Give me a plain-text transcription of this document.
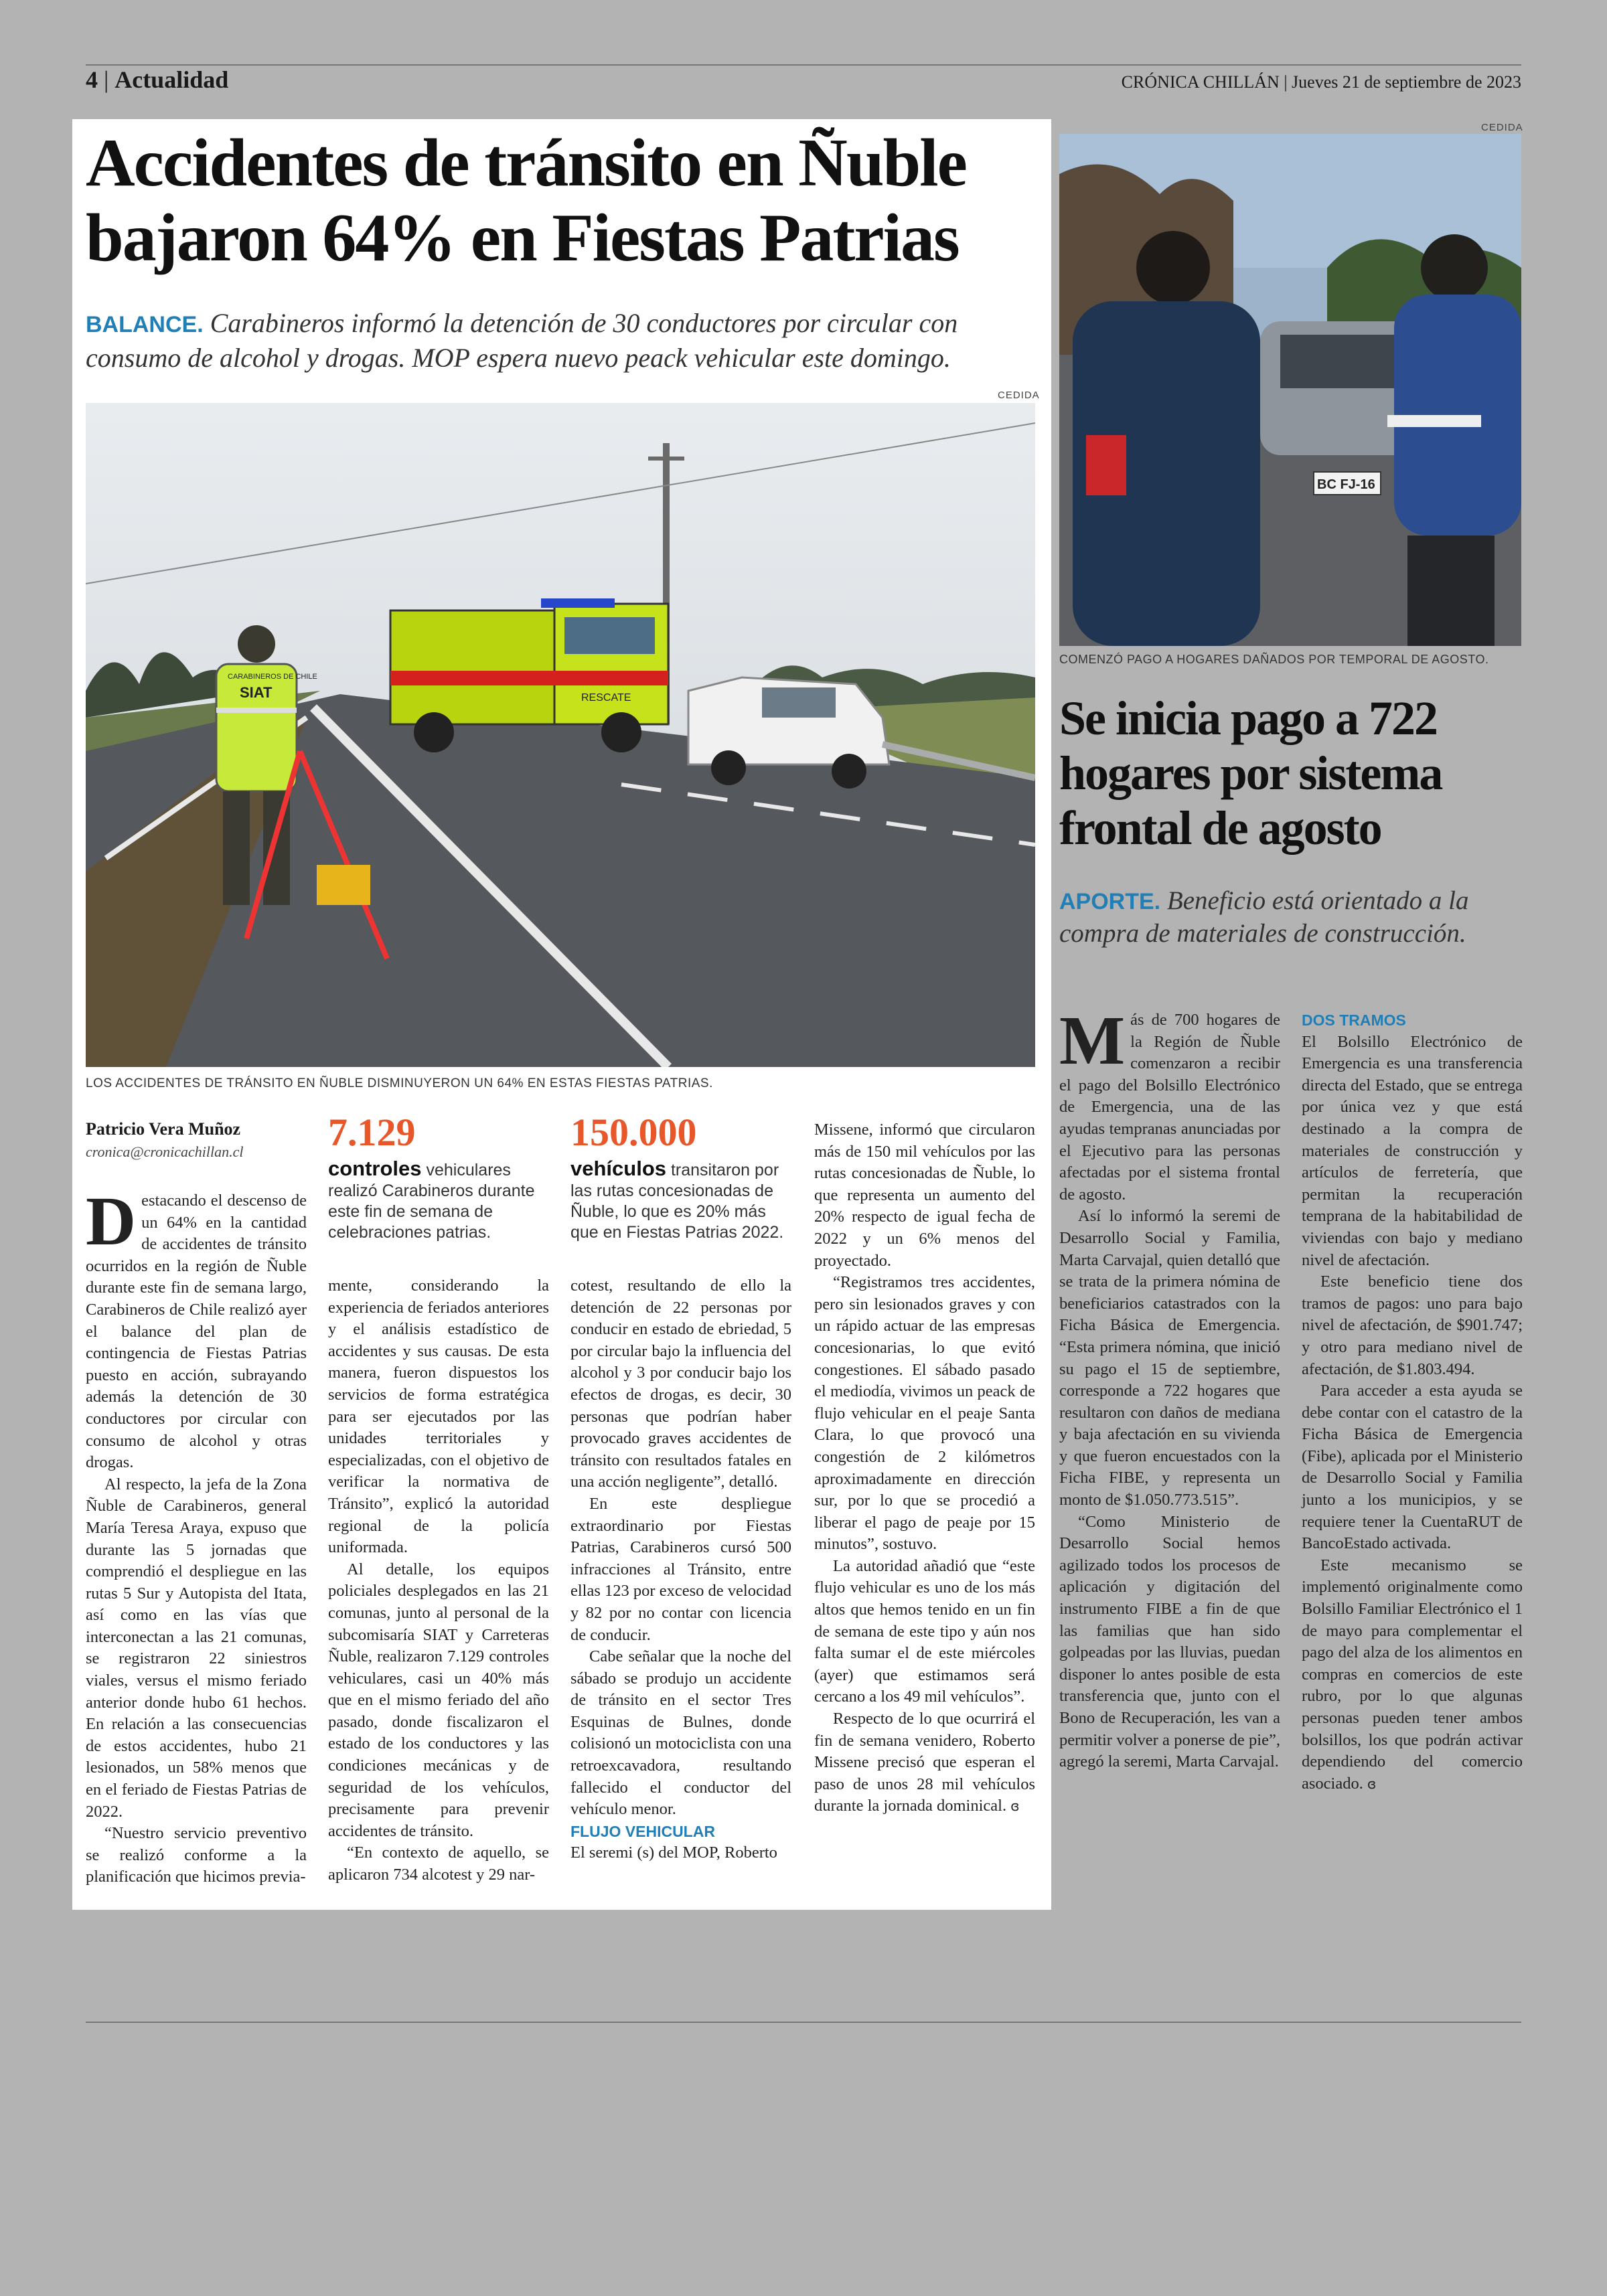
4 | Actualidad	CRÓNICA CHILLÁN | Jueves 21 de septiembre de 2023
Accidentes de tránsito en Ñuble bajaron 64% en Fiestas Patrias
BALANCE. Carabineros informó la detención de 30 conductores por circular con consumo de alcohol y drogas. MOP espera nuevo peack vehicular este domingo.
CEDIDA
RESCATE
CARABINEROS DE CHILE
SIAT
LOS ACCIDENTES DE TRÁNSITO EN ÑUBLE DISMINUYERON UN 64% EN ESTAS FIESTAS PATRIAS.
Patricio Vera Muñoz
cronica@cronicachillan.cl

Destacando el descenso de un 64% en la cantidad de accidentes de tránsito ocurridos en la región de Ñuble durante este fin de semana largo, Carabineros de Chile realizó ayer el balance del plan de contingencia de Fiestas Patrias puesto en acción, subrayando además la detención de 30 conductores por circular con consumo de alcohol y otras drogas.

Al respecto, la jefa de la Zona Ñuble de Carabineros, general María Teresa Araya, expuso que durante las 5 jornadas que comprendió el despliegue en las rutas 5 Sur y Autopista del Itata, así como en las vías que interconectan a las 21 comunas, se registraron 22 siniestros viales, versus el mismo feriado anterior donde hubo 61 hechos. En relación a las consecuencias de estos accidentes, hubo 21 lesionados, un 58% menos que en el feriado de Fiestas Patrias de 2022.

“Nuestro servicio preventivo se realizó conforme a la planificación que hicimos previa-

7.129
controles vehiculares realizó Carabineros durante este fin de semana de celebraciones patrias.

mente, considerando la experiencia de feriados anteriores y el análisis estadístico de accidentes y sus causas. De esta manera, fueron dispuestos los servicios de forma estratégica para ser ejecutados por las unidades territoriales y especializadas, con el objetivo de verificar la normativa de Tránsito”, explicó la autoridad regional de la policía uniformada.

Al detalle, los equipos policiales desplegados en las 21 comunas, junto al personal de la subcomisaría SIAT y Carreteras Ñuble, realizaron 7.129 controles vehiculares, casi un 40% más que en el mismo feriado del año pasado, donde fiscalizaron el estado de los conductores y las condiciones mecánicas y de seguridad de los vehículos, precisamente para prevenir accidentes de tránsito.

“En contexto de aquello, se aplicaron 734 alcotest y 29 nar-

150.000
vehículos transitaron por las rutas concesionadas de Ñuble, lo que es 20% más que en Fiestas Patrias 2022.

cotest, resultando de ello la detención de 22 personas por conducir en estado de ebriedad, 5 por circular bajo la influencia del alcohol y 3 por conducir bajo los efectos de drogas, es decir, 30 personas que podrían haber provocado graves accidentes de tránsito con resultados fatales en una acción negligente”, detalló.

En este despliegue extraordinario por Fiestas Patrias, Carabineros cursó 500 infracciones al Tránsito, entre ellas 123 por exceso de velocidad y 82 por no contar con licencia de conducir.

Cabe señalar que la noche del sábado se produjo un accidente de tránsito en el sector Tres Esquinas de Bulnes, donde colisionó un motociclista con una retroexcavadora, resultando fallecido el conductor del vehículo menor.

FLUJO VEHICULAR

El seremi (s) del MOP, Roberto

Missene, informó que circularon más de 150 mil vehículos por las rutas concesionadas de Ñuble, lo que representa un aumento del 20% respecto de igual fecha de 2022 y un 6% menos del proyectado.

“Registramos tres accidentes, pero sin lesionados graves y con un rápido actuar de las empresas concesionarias, lo que evitó congestiones. El sábado pasado el mediodía, vivimos un peack de flujo vehicular en el peaje Santa Clara, lo que provocó una congestión de 2 kilómetros aproximadamente en dirección sur, por lo que se procedió a liberar el pago de peaje por 15 minutos”, sostuvo.

La autoridad añadió que “este flujo vehicular es uno de los más altos que hemos tenido en un fin de semana de este tipo y aún nos falta sumar el de este miércoles (ayer) que estimamos será cercano a los 49 mil vehículos”.

Respecto de lo que ocurrirá el fin de semana venidero, Roberto Missene precisó que esperan el paso de unos 28 mil vehículos durante la jornada dominical. ɞ

CEDIDA
BC FJ-16
COMENZÓ PAGO A HOGARES DAÑADOS POR TEMPORAL DE AGOSTO.
Se inicia pago a 722 hogares por sistema frontal de agosto
APORTE. Beneficio está orientado a la compra de materiales de construcción.

Más de 700 hogares de la Región de Ñuble comenzaron a recibir el pago del Bolsillo Electrónico de Emergencia, una de las ayudas tempranas anunciadas por el Ejecutivo para las personas afectadas por el sistema frontal de agosto.

Así lo informó la seremi de Desarrollo Social y Familia, Marta Carvajal, quien detalló que se trata de la primera nómina de beneficiarios catastrados con la Ficha Básica de Emergencia. “Esta primera nómina, que inició su pago el 15 de septiembre, corresponde a 722 hogares que resultaron con daños de mediana y baja afectación en su vivienda y que fueron encuestados con la Ficha FIBE, y representa un monto de $1.050.773.515”.

“Como Ministerio de Desarrollo Social hemos agilizado todos los procesos de aplicación y digitación del instrumento FIBE a fin de que las familias que han sido golpeadas por las lluvias, puedan disponer lo antes posible de esta transferencia que, junto con el Bono de Recuperación, les van a permitir volver a ponerse de pie”, agregó la seremi, Marta Carvajal.

DOS TRAMOS

El Bolsillo Electrónico de Emergencia es una transferencia directa del Estado, que se entrega por única vez y que está destinado a la compra de materiales de construcción y artículos de ferretería, que permitan la recuperación temprana de la habitabilidad de viviendas con bajo y mediano nivel de afectación.

Este beneficio tiene dos tramos de pagos: uno para bajo nivel de afectación, de $901.747; y otro para mediano nivel de afectación, de $1.803.494.

Para acceder a esta ayuda se debe contar con el catastro de la Ficha Básica de Emergencia (Fibe), aplicada por el Ministerio de Desarrollo Social y Familia junto a los municipios, y se requiere tener la CuentaRUT de BancoEstado activada.

Este mecanismo se implementó originalmente como Bolsillo Familiar Electrónico el 1 de mayo para complementar el pago del alza de los alimentos en compras en comercios de este rubro, por lo que algunas personas pueden tener ambos bolsillos, los que podrán activar dependiendo del comercio asociado. ɞ
